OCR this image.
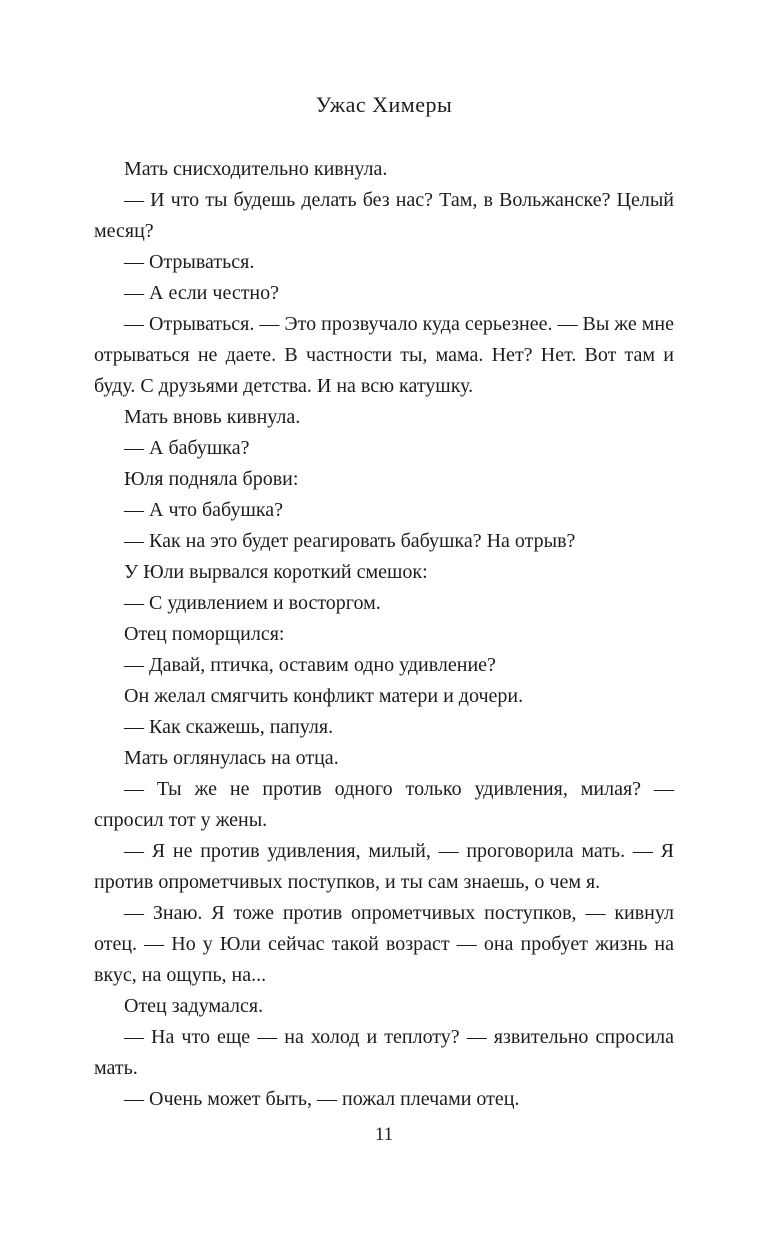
Ужас Химеры

Мать снисходительно кивнула.

— И что ты будешь делать без нас? Там, в Вольжанске? Целый месяц?

— Отрываться.

— А если честно?

— Отрываться. — Это прозвучало куда серьезнее. — Вы же мне отрываться не даете. В частности ты, мама. Нет? Нет. Вот там и буду. С друзьями детства. И на всю катушку.

Мать вновь кивнула.

— А бабушка?

Юля подняла брови:

— А что бабушка?

— Как на это будет реагировать бабушка? На отрыв?

У Юли вырвался короткий смешок:

— С удивлением и восторгом.

Отец поморщился:

— Давай, птичка, оставим одно удивление?

Он желал смягчить конфликт матери и дочери.

— Как скажешь, папуля.

Мать оглянулась на отца.

— Ты же не против одного только удивления, милая? — спросил тот у жены.

— Я не против удивления, милый, — проговорила мать. — Я против опрометчивых поступков, и ты сам знаешь, о чем я.

— Знаю. Я тоже против опрометчивых поступков, — кивнул отец. — Но у Юли сейчас такой возраст — она пробует жизнь на вкус, на ощупь, на...

Отец задумался.

— На что еще — на холод и теплоту? — язвительно спросила мать.

— Очень может быть, — пожал плечами отец.

11
